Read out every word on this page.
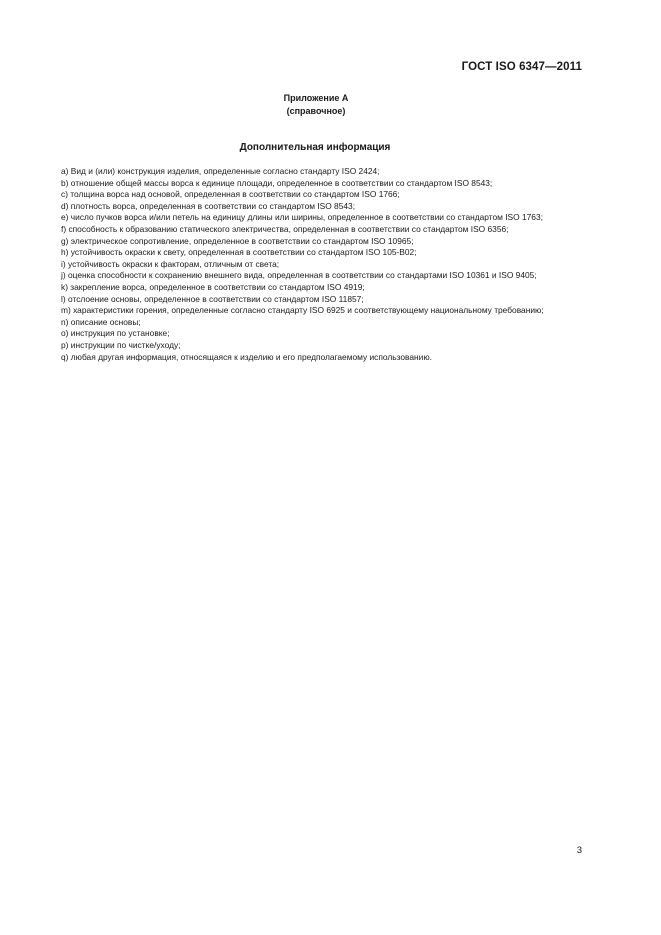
ГОСТ ISO 6347—2011
Приложение А
(справочное)
Дополнительная информация

a) Вид и (или) конструкция изделия, определенные согласно стандарту ISO 2424;

b) отношение общей массы ворса к единице площади, определенное в соответствии со стандартом ISO 8543;

c) толщина ворса над основой, определенная в соответствии со стандартом ISO 1766;

d) плотность ворса, определенная в соответствии со стандартом ISO 8543;

e) число пучков ворса и/или петель на единицу длины или ширины, определенное в соответствии со стандартом ISO 1763;

f) способность к образованию статического электричества, определенная в соответствии со стандартом ISO 6356;

g) электрическое сопротивление, определенное в соответствии со стандартом ISO 10965;

h) устойчивость окраски к свету, определенная в соответствии со стандартом ISO 105-B02;

i) устойчивость окраски к факторам, отличным от света;

j) оценка способности к сохранению внешнего вида, определенная в соответствии со стандартами ISO 10361 и ISO 9405;

k) закрепление ворса, определенное в соответствии со стандартом ISO 4919;

l) отслоение основы, определенное в соответствии со стандартом ISO 11857;

m) характеристики горения, определенные согласно стандарту ISO 6925 и соответствующему национальному требованию;

n) описание основы;

o) инструкция по установке;

p) инструкции по чистке/уходу;

q) любая другая информация, относящаяся к изделию и его предполагаемому использованию.

3
